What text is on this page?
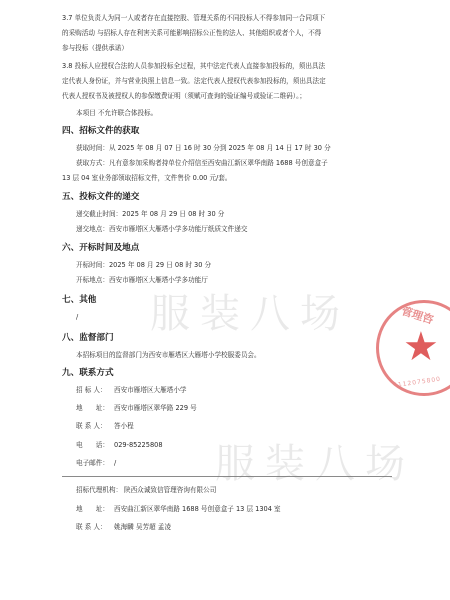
3.7 单位负责人为同一人或者存在直接控股、管理关系的不同投标人不得参加同一合同项下
的采购活动 与招标人存在利害关系可能影响招标公正性的法人、其他组织或者个人，不得
参与投标（提供承诺）
3.8 投标人应授权合法的人员参加投标全过程，其中法定代表人直接参加投标的，须出具法
定代表人身份证，并与营业执照上信息一致。法定代表人授权代表参加投标的，须出具法定
代表人授权书及被授权人的参保缴费证明（须赋可查询的验证编号或验证二维码）。；
本项目 不允许联合体投标。
四、招标文件的获取
获取时间：从 2025 年 08 月 07 日 16 时 30 分到 2025 年 08 月 14 日 17 时 30 分
获取方式：凡有意参加采购者持单位介绍信至西安曲江新区翠华南路 1688 号创意盒子
13 层 04 室业务部领取招标文件，文件售价 0.00 元/套。
五、投标文件的递交
递交截止时间：2025 年 08 月 29 日 08 时 30 分
递交地点：西安市雁塔区大雁塔小学多功能厅纸质文件递交
六、开标时间及地点
开标时间：2025 年 08 月 29 日 08 时 30 分
开标地点：西安市雁塔区大雁塔小学多功能厅
七、其他
/
八、监督部门
本招标项目的监督部门为西安市雁塔区大雁塔小学校服委员会。
九、联系方式
招 标 人： 西安市雁塔区大雁塔小学
地　　址： 西安市雁塔区翠华路 229 号
联 系 人： 答小程
电　　话： 029-85225808
电子邮件： /
招标代理机构： 陕西众诚致信管理咨询有限公司
地　　址： 西安曲江新区翠华南路 1688 号创意盒子 13 层 1304 室
联 系 人： 姚海麟 吴芳超 孟凌
服装八场
服装八场
管理咨
★
6112075800
